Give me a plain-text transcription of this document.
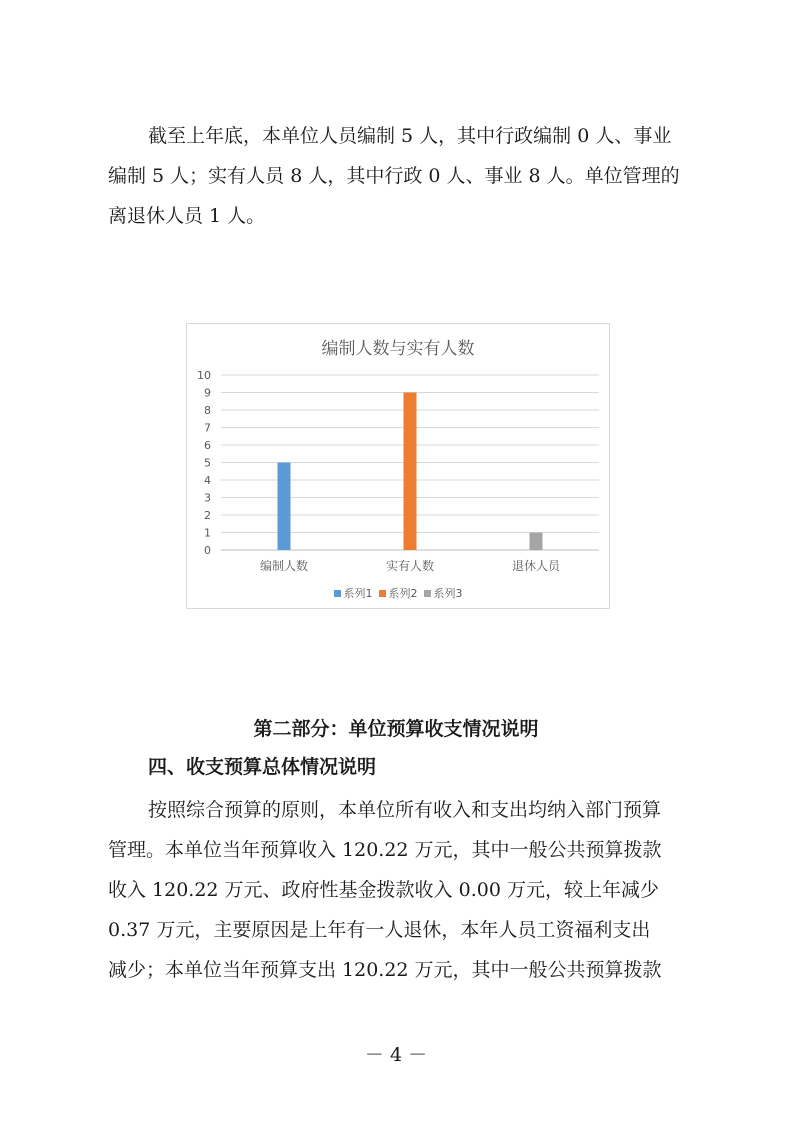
截至上年底，本单位人员编制 5 人，其中行政编制 0 人、事业
编制 5 人；实有人员 8 人，其中行政 0 人、事业 8 人。单位管理的
离退休人员 1 人。
0
1
2
3
4
5
6
7
8
9
10
编制人数	实有人数	退休人员
编制人数与实有人数
系列1 系列2 系列3
第二部分：单位预算收支情况说明
四、收支预算总体情况说明
按照综合预算的原则，本单位所有收入和支出均纳入部门预算
管理。本单位当年预算收入 120.22 万元，其中一般公共预算拨款
收入 120.22 万元、政府性基金拨款收入 0.00 万元，较上年减少
0.37 万元，主要原因是上年有一人退休，本年人员工资福利支出
减少；本单位当年预算支出 120.22 万元，其中一般公共预算拨款
－ 4 －
